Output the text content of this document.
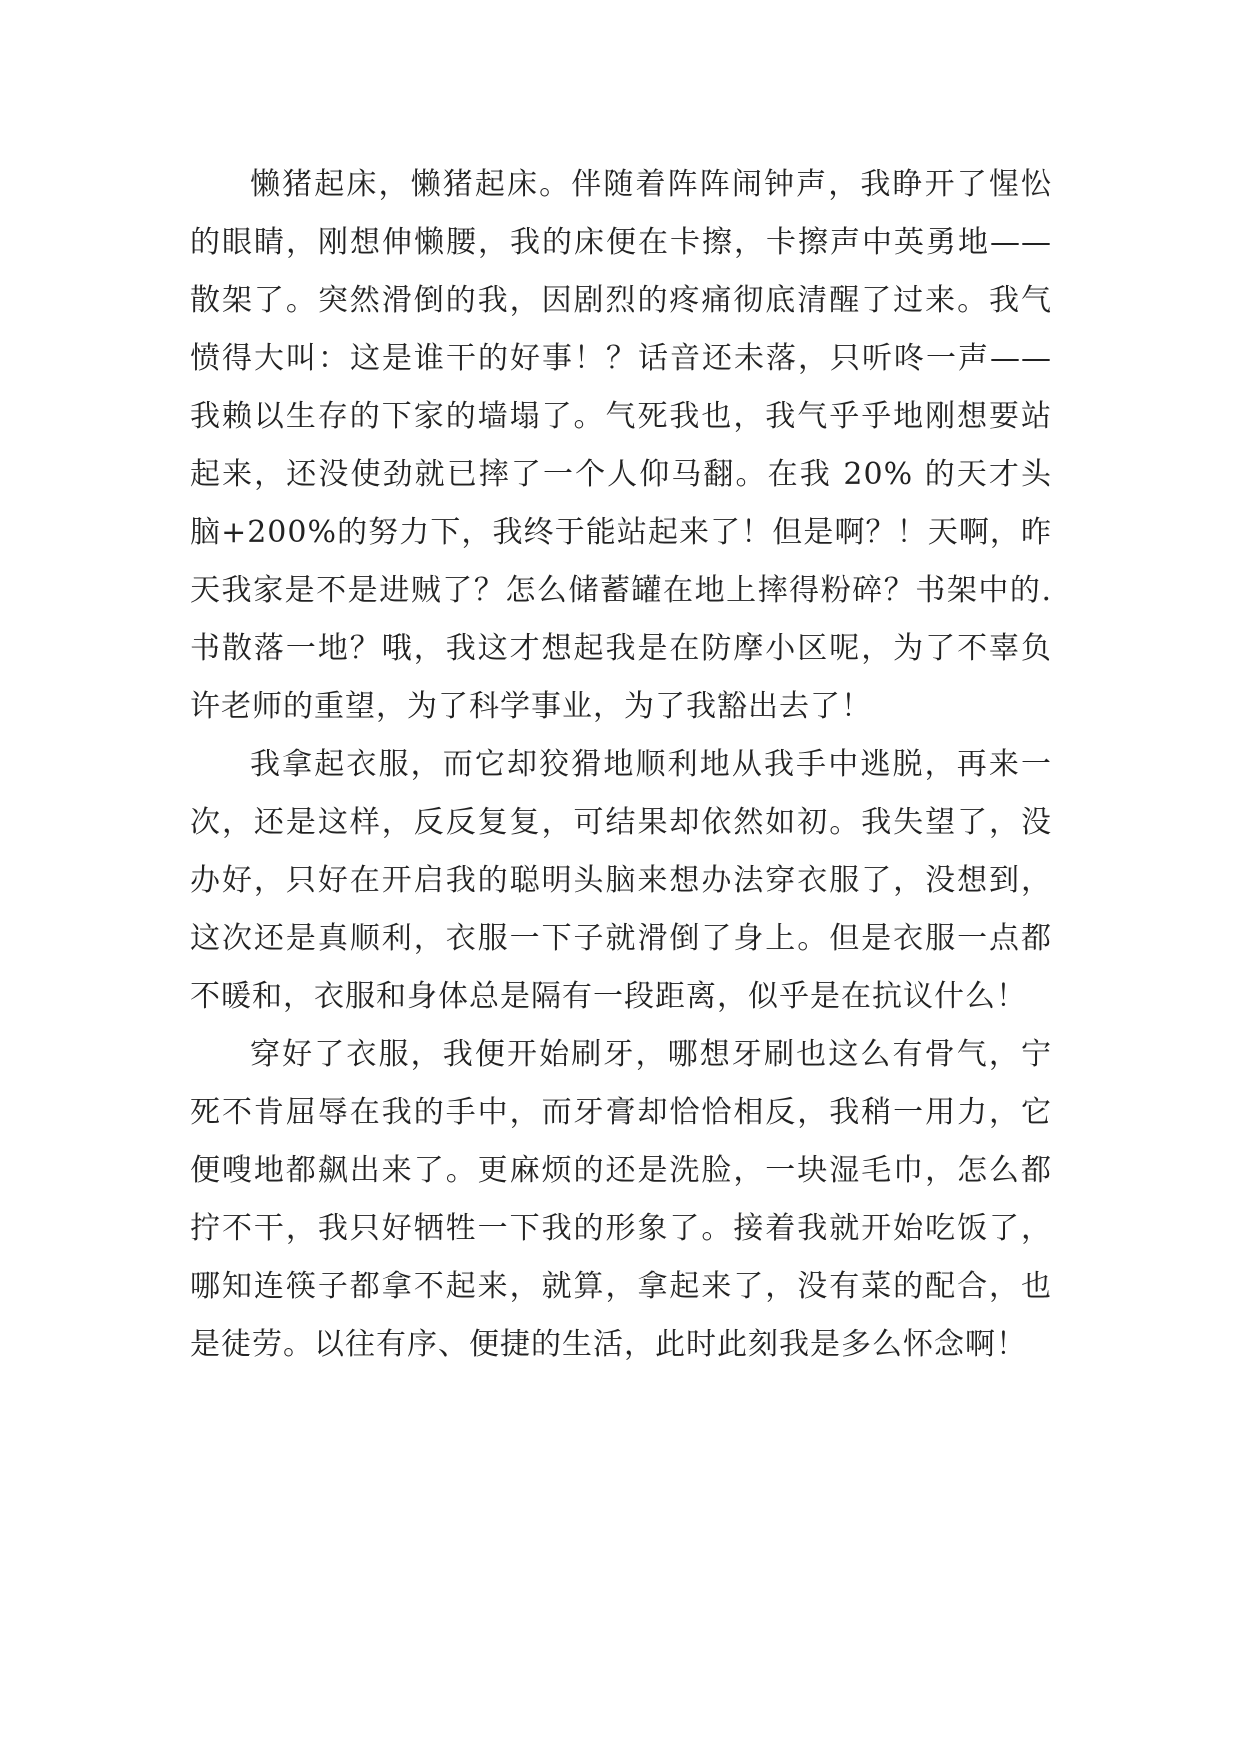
懒猪起床，懒猪起床。伴随着阵阵闹钟声，我睁开了惺忪的眼睛，刚想伸懒腰，我的床便在卡擦，卡擦声中英勇地——散架了。突然滑倒的我，因剧烈的疼痛彻底清醒了过来。我气愤得大叫：这是谁干的好事！？话音还未落，只听咚一声——我赖以生存的下家的墙塌了。气死我也，我气乎乎地刚想要站起来，还没使劲就已摔了一个人仰马翻。在我 20% 的天才头脑+200%的努力下，我终于能站起来了！但是啊？！天啊，昨天我家是不是进贼了？怎么储蓄罐在地上摔得粉碎？书架中的.书散落一地？哦，我这才想起我是在防摩小区呢，为了不辜负许老师的重望，为了科学事业，为了我豁出去了！

我拿起衣服，而它却狡猾地顺利地从我手中逃脱，再来一次，还是这样，反反复复，可结果却依然如初。我失望了，没办好，只好在开启我的聪明头脑来想办法穿衣服了，没想到，这次还是真顺利，衣服一下子就滑倒了身上。但是衣服一点都不暖和，衣服和身体总是隔有一段距离，似乎是在抗议什么！

穿好了衣服，我便开始刷牙，哪想牙刷也这么有骨气，宁死不肯屈辱在我的手中，而牙膏却恰恰相反，我稍一用力，它便嗖地都飙出来了。更麻烦的还是洗脸，一块湿毛巾，怎么都拧不干，我只好牺牲一下我的形象了。接着我就开始吃饭了，哪知连筷子都拿不起来，就算，拿起来了，没有菜的配合，也是徒劳。以往有序、便捷的生活，此时此刻我是多么怀念啊！
